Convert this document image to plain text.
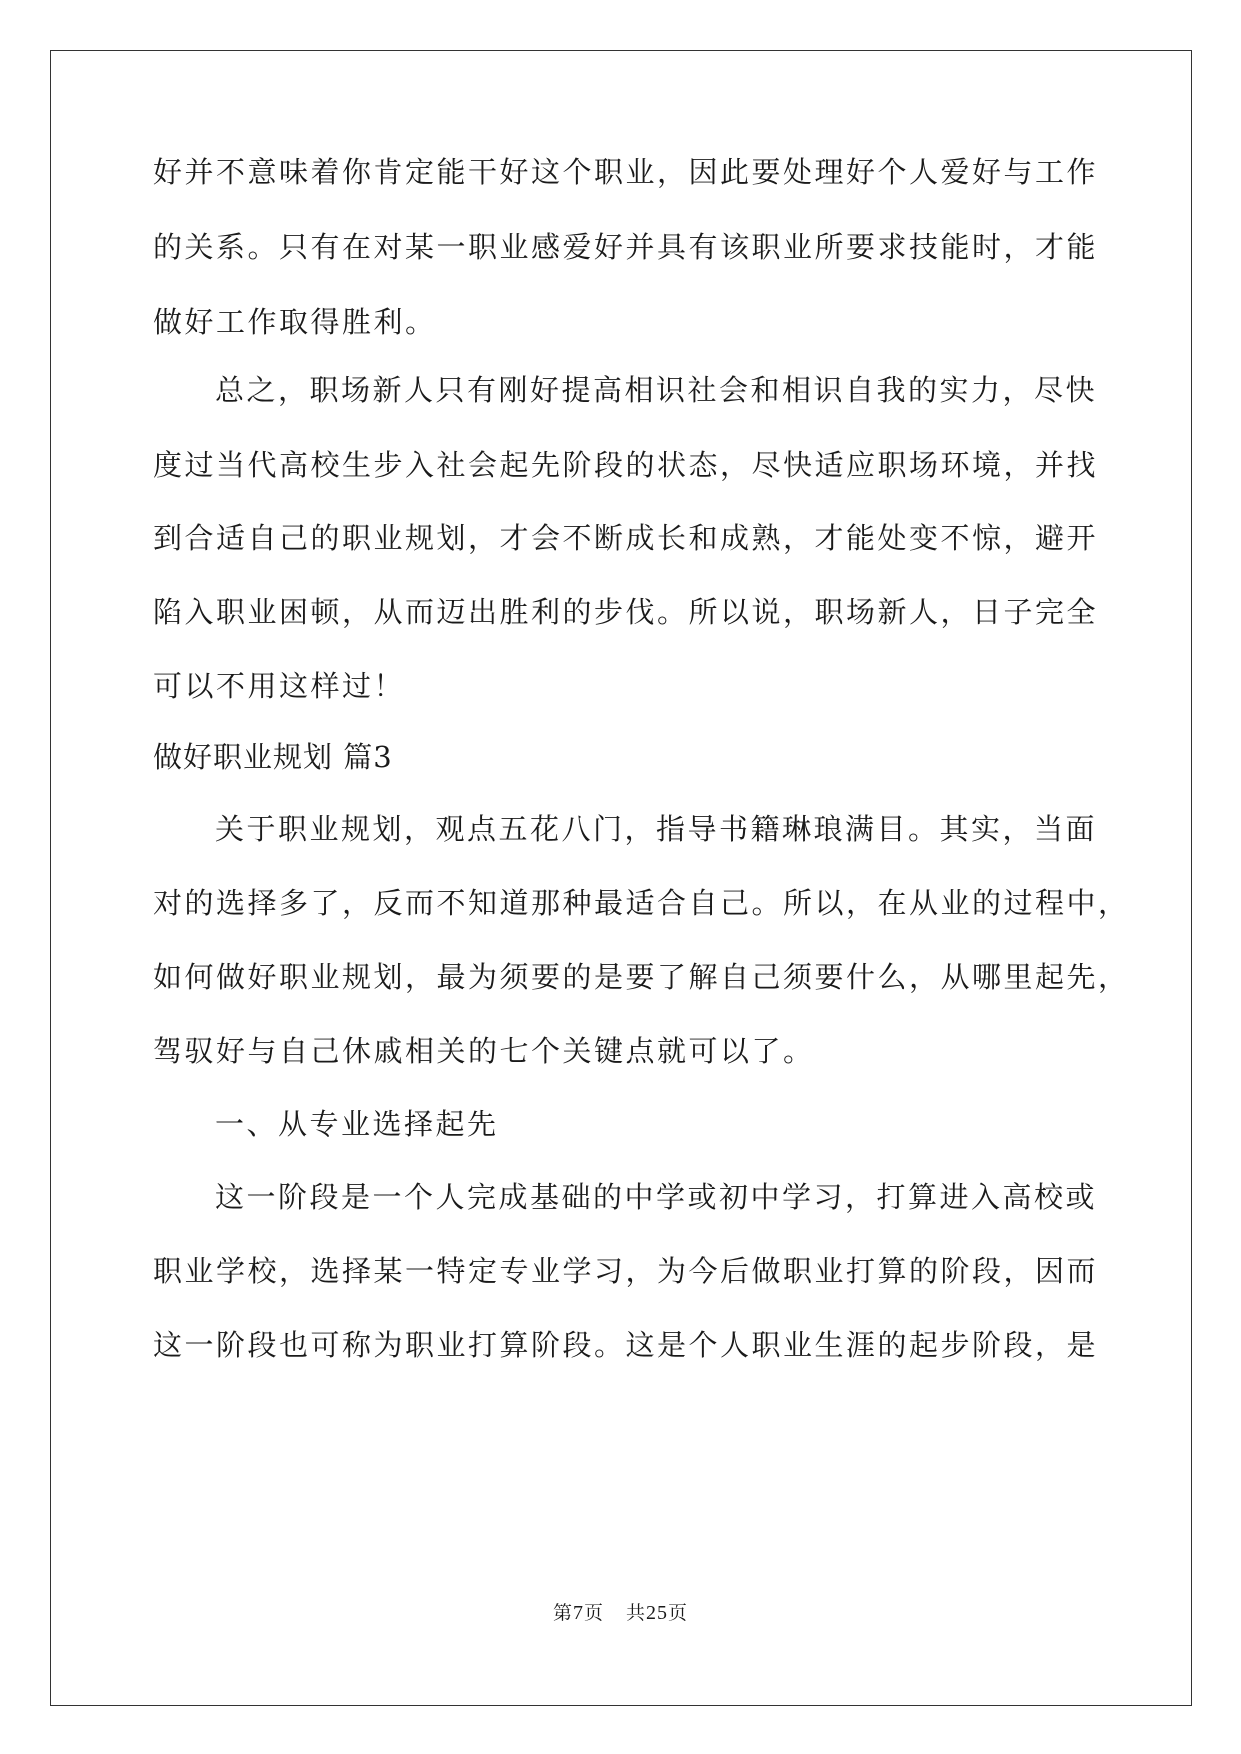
好并不意味着你肯定能干好这个职业，因此要处理好个人爱好与工作
的关系。只有在对某一职业感爱好并具有该职业所要求技能时，才能
做好工作取得胜利。
总之，职场新人只有刚好提高相识社会和相识自我的实力，尽快
度过当代高校生步入社会起先阶段的状态，尽快适应职场环境，并找
到合适自己的职业规划，才会不断成长和成熟，才能处变不惊，避开
陷入职业困顿，从而迈出胜利的步伐。所以说，职场新人，日子完全
可以不用这样过！
做好职业规划 篇3
关于职业规划，观点五花八门，指导书籍琳琅满目。其实，当面
对的选择多了，反而不知道那种最适合自己。所以，在从业的过程中，
如何做好职业规划，最为须要的是要了解自己须要什么，从哪里起先，
驾驭好与自己休戚相关的七个关键点就可以了。
一、从专业选择起先
这一阶段是一个人完成基础的中学或初中学习，打算进入高校或
职业学校，选择某一特定专业学习，为今后做职业打算的阶段，因而
这一阶段也可称为职业打算阶段。这是个人职业生涯的起步阶段，是
第7页 共25页
